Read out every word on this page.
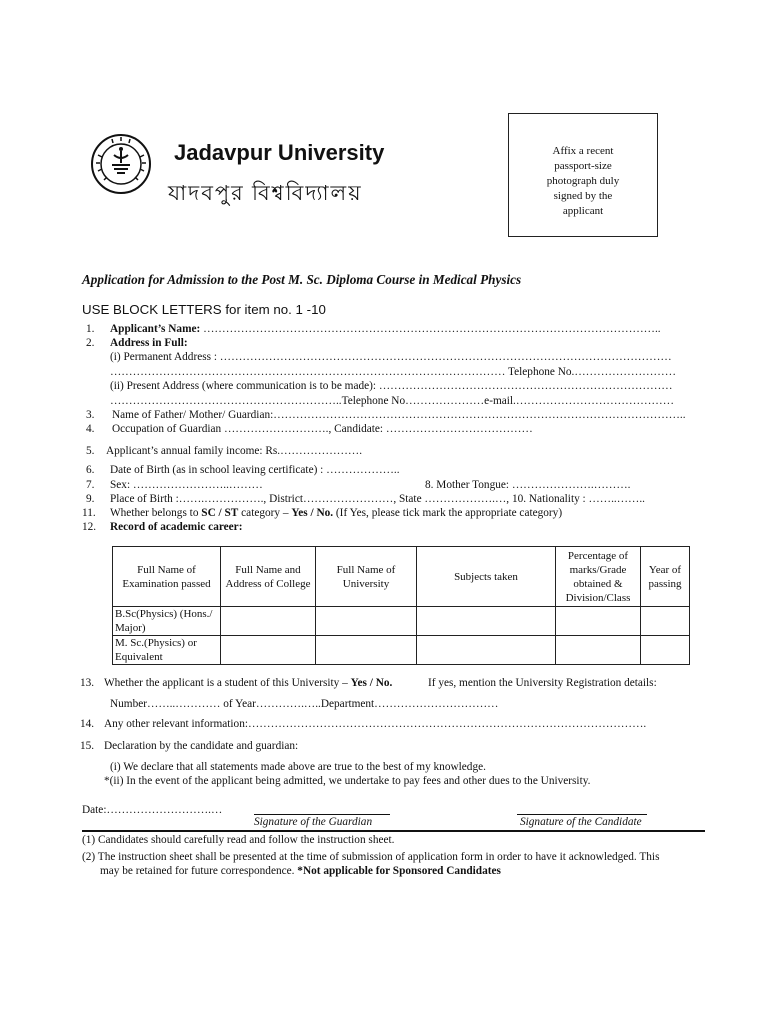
Jadavpur University
যাদবপুর বিশ্ববিদ্যালয়
Affix a recent
passport-size
photograph duly
signed by the
applicant
Application for Admission to the Post M. Sc. Diploma Course in Medical Physics
USE BLOCK LETTERS for item no. 1 -10
1. Applicant’s Name: …………………………………………………………………………………………………………..
2. Address in Full:
(i) Permanent Address : …………………………………………………………………………………………………………
…………………………………………………………………………………………… Telephone No.………………………
(ii) Present Address (where communication is to be made): ……………………………………………………………………
……………………………………………………..Telephone No…………………e-mail.……………………………………
3. Name of Father/ Mother/ Guardian:………………………………………………………………………………………………..
4. Occupation of Guardian ………………………., Candidate: …………………………………
5. Applicant’s annual family income: Rs.………………….
6. Date of Birth (as in school leaving certificate) : ………………..
7. Sex: ……………………..………	8. Mother Tongue: ………………….……….
9. Place of Birth :…….……………., District……………………, State ……………….…, 10. Nationality : ……..……..
11. Whether belongs to SC / ST category – Yes / No. (If Yes, please tick mark the appropriate category)
12. Record of academic career:
Full Name of Examination passed	Full Name and Address of College	Full Name of University	Subjects taken	Percentage of marks/Grade obtained & Division/Class	Year of passing
B.Sc(Physics) (Hons./ Major)					
M. Sc.(Physics) or Equivalent					
13. Whether the applicant is a student of this University – Yes / No.	If yes, mention the University Registration details:
Number……..………… of Year………….…..Department……………………………
14. Any other relevant information:…………………………………………………………………………………………….
15. Declaration by the candidate and guardian:
(i) We declare that all statements made above are true to the best of my knowledge.
*(ii) In the event of the applicant being admitted, we undertake to pay fees and other dues to the University.
Date:……………………….…
Signature of the Guardian	Signature of the Candidate
(1) Candidates should carefully read and follow the instruction sheet.
(2) The instruction sheet shall be presented at the time of submission of application form in order to have it acknowledged. This
may be retained for future correspondence. *Not applicable for Sponsored Candidates
